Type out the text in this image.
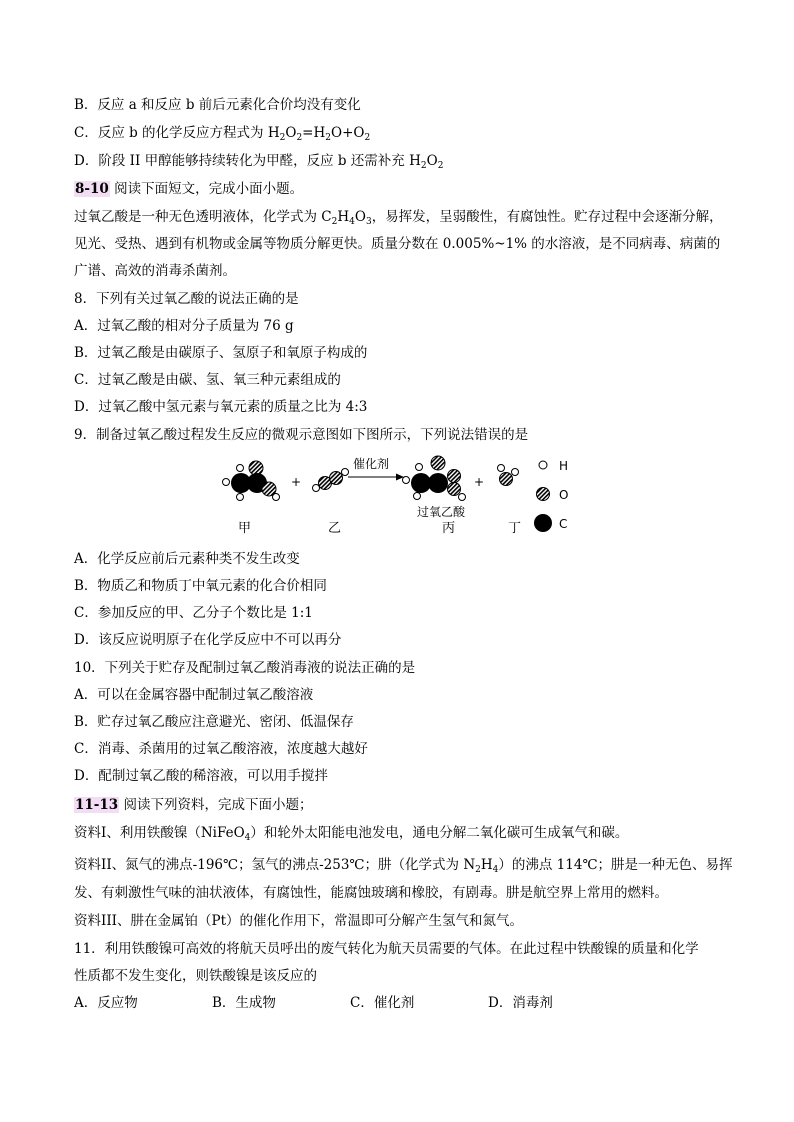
B．反应 a 和反应 b 前后元素化合价均没有变化
C．反应 b 的化学反应方程式为 $H_2O_2=H_2O+O_2$
D．阶段 II 甲醇能够持续转化为甲醛，反应 b 还需补充 $H_2O_2$
8-10 阅读下面短文，完成小面小题。
过氧乙酸是一种无色透明液体，化学式为 $C_2H_4O_3$，易挥发，呈弱酸性，有腐蚀性。贮存过程中会逐渐分解，
见光、受热、遇到有机物或金属等物质分解更快。质量分数在 0.005%~1% 的水溶液，是不同病毒、病菌的
广谱、高效的消毒杀菌剂。
8．下列有关过氧乙酸的说法正确的是
A．过氧乙酸的相对分子质量为 76 g
B．过氧乙酸是由碳原子、氢原子和氧原子构成的
C．过氧乙酸是由碳、氢、氧三种元素组成的
D．过氧乙酸中氢元素与氧元素的质量之比为 4:3
9．制备过氧乙酸过程发生反应的微观示意图如下图所示，下列说法错误的是
+
催化剂
+
甲	乙
过氧乙酸
丙	丁
H
O
C
A．化学反应前后元素种类不发生改变
B．物质乙和物质丁中氧元素的化合价相同
C．参加反应的甲、乙分子个数比是 1:1
D．该反应说明原子在化学反应中不可以再分
10．下列关于贮存及配制过氧乙酸消毒液的说法正确的是
A．可以在金属容器中配制过氧乙酸溶液
B．贮存过氧乙酸应注意避光、密闭、低温保存
C．消毒、杀菌用的过氧乙酸溶液，浓度越大越好
D．配制过氧乙酸的稀溶液，可以用手搅拌
11-13 阅读下列资料，完成下面小题；
资料I、利用铁酸镍（NiFeO$_4$）和轮外太阳能电池发电，通电分解二氧化碳可生成氧气和碳。
资料II、氮气的沸点-196℃；氢气的沸点-253℃；肼（化学式为 $N_2H_4$）的沸点 114℃；肼是一种无色、易挥
发、有刺激性气味的油状液体，有腐蚀性，能腐蚀玻璃和橡胶，有剧毒。肼是航空界上常用的燃料。
资料III、肼在金属铂（Pt）的催化作用下，常温即可分解产生氢气和氮气。
11．利用铁酸镍可高效的将航天员呼出的废气转化为航天员需要的气体。在此过程中铁酸镍的质量和化学
性质都不发生变化，则铁酸镍是该反应的
A．反应物	B．生成物	C．催化剂	D．消毒剂
